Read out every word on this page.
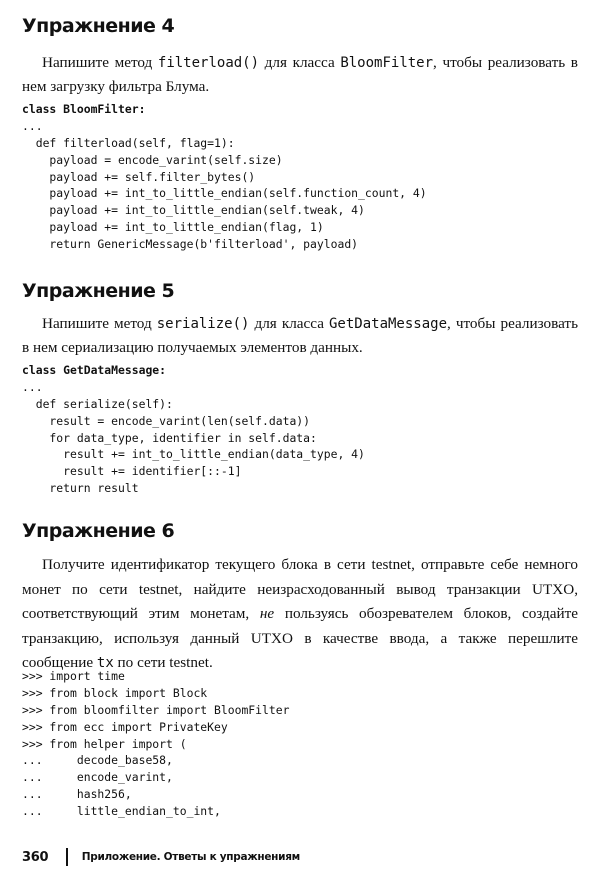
Упражнение 4

Напишите метод filterload() для класса BloomFilter, чтобы реализовать в нем загрузку фильтра Блума.

class BloomFilter:
...
def filterload(self, flag=1):
payload = encode_varint(self.size)
payload += self.filter_bytes()
payload += int_to_little_endian(self.function_count, 4)
payload += int_to_little_endian(self.tweak, 4)
payload += int_to_little_endian(flag, 1)
return GenericMessage(b'filterload', payload)
Упражнение 5

Напишите метод serialize() для класса GetDataMessage, чтобы реализовать в нем сериализацию получаемых элементов данных.

class GetDataMessage:
...
def serialize(self):
result = encode_varint(len(self.data))
for data_type, identifier in self.data:
result += int_to_little_endian(data_type, 4)
result += identifier[::-1]
return result
Упражнение 6

Получите идентификатор текущего блока в сети testnet, отправьте себе немного монет по сети testnet, найдите неизрасходованный вывод транзакции UTXO, соответствующий этим монетам, не пользуясь обозревателем блоков, создайте транзакцию, используя данный UTXO в качестве ввода, а также перешлите сообщение tx по сети testnet.

>>> import time
>>> from block import Block
>>> from bloomfilter import BloomFilter
>>> from ecc import PrivateKey
>>> from helper import (
...     decode_base58,
...     encode_varint,
...     hash256,
...     little_endian_to_int,
360	Приложение. Ответы к упражнениям
